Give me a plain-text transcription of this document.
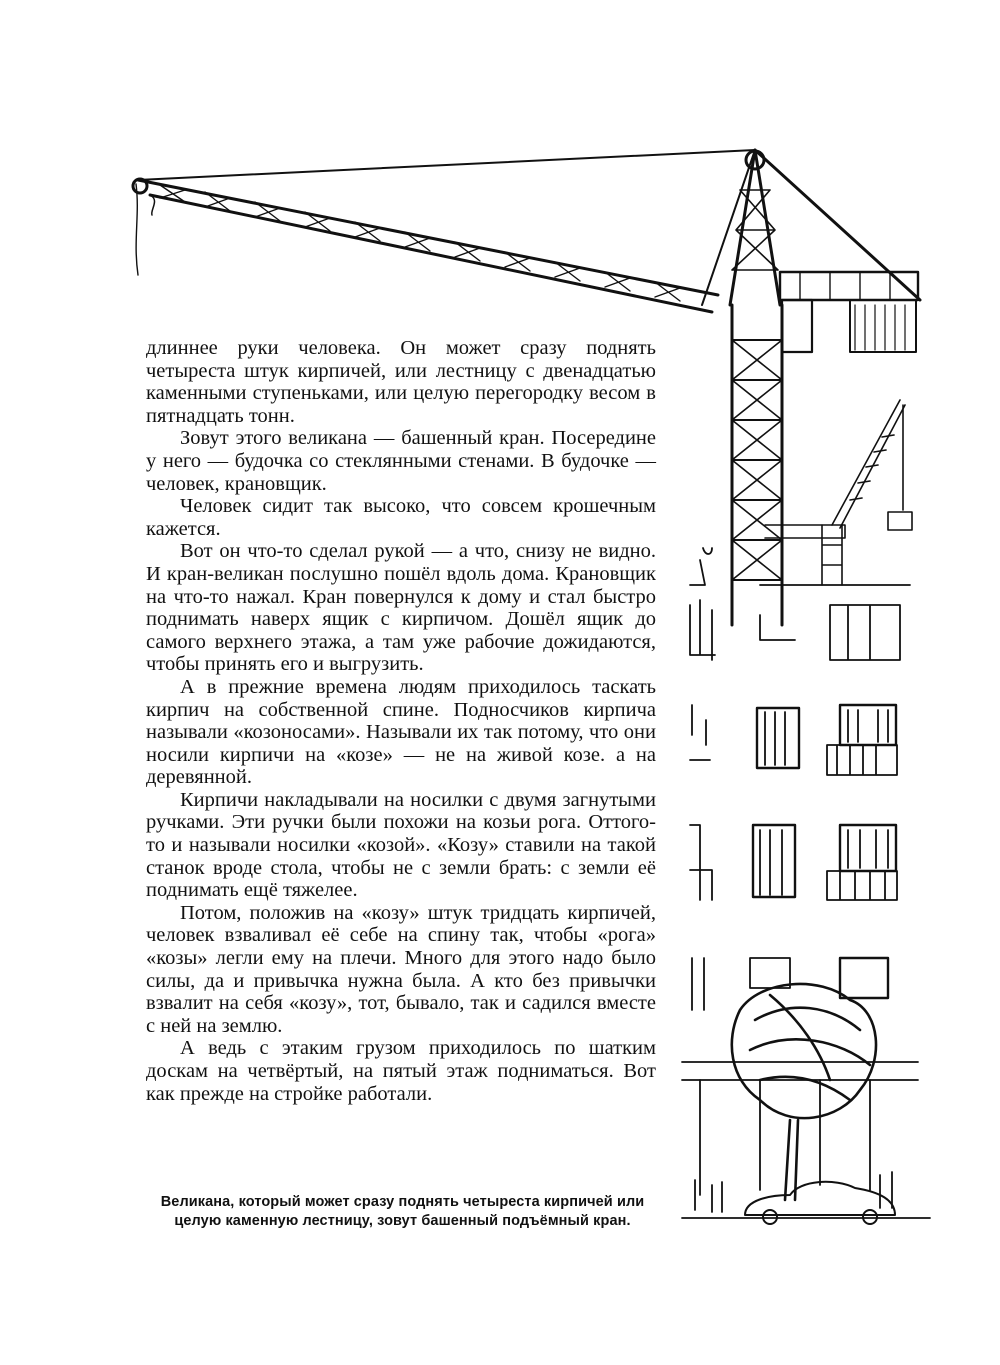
длиннее руки человека. Он может сразу поднять четыреста штук кирпичей, или лестницу с двенадцатью каменными ступеньками, или целую перегородку весом в пятнадцать тонн.

Зовут этого великана — башенный кран. Посередине у него — будочка со стеклянными стенами. В будочке — человек, крановщик.

Человек сидит так высоко, что совсем крошечным кажется.

Вот он что-то сделал рукой — а что, снизу не видно. И кран-великан послушно пошёл вдоль дома. Крановщик на что-то нажал. Кран повернулся к дому и стал быстро поднимать наверх ящик с кирпичом. Дошёл ящик до самого верхнего этажа, а там уже рабочие дожидаются, чтобы принять его и выгрузить.

А в прежние времена людям приходилось таскать кирпич на собственной спине. Подносчиков кирпича называли «козоносами». Называли их так потому, что они носили кирпичи на «козе» — не на живой козе. а на деревянной.

Кирпичи накладывали на носилки с двумя загнутыми ручками. Эти ручки были похожи на козьи рога. Оттого-то и называли носилки «козой». «Козу» ставили на такой станок вроде стола, чтобы не с земли брать: с земли её поднимать ещё тяжелее.

Потом, положив на «козу» штук тридцать кирпичей, человек взваливал её себе на спину так, чтобы «рога» «козы» легли ему на плечи. Много для этого надо было силы, да и привычка нужна была. А кто без привычки взвалит на себя «козу», тот, бывало, так и садился вместе с ней на землю.

А ведь с этаким грузом приходилось по шатким доскам на четвёртый, на пятый этаж подниматься. Вот как прежде на стройке работали.

Великана, который может сразу поднять четыреста кирпичей или целую каменную лестницу, зовут башенный подъёмный кран.
